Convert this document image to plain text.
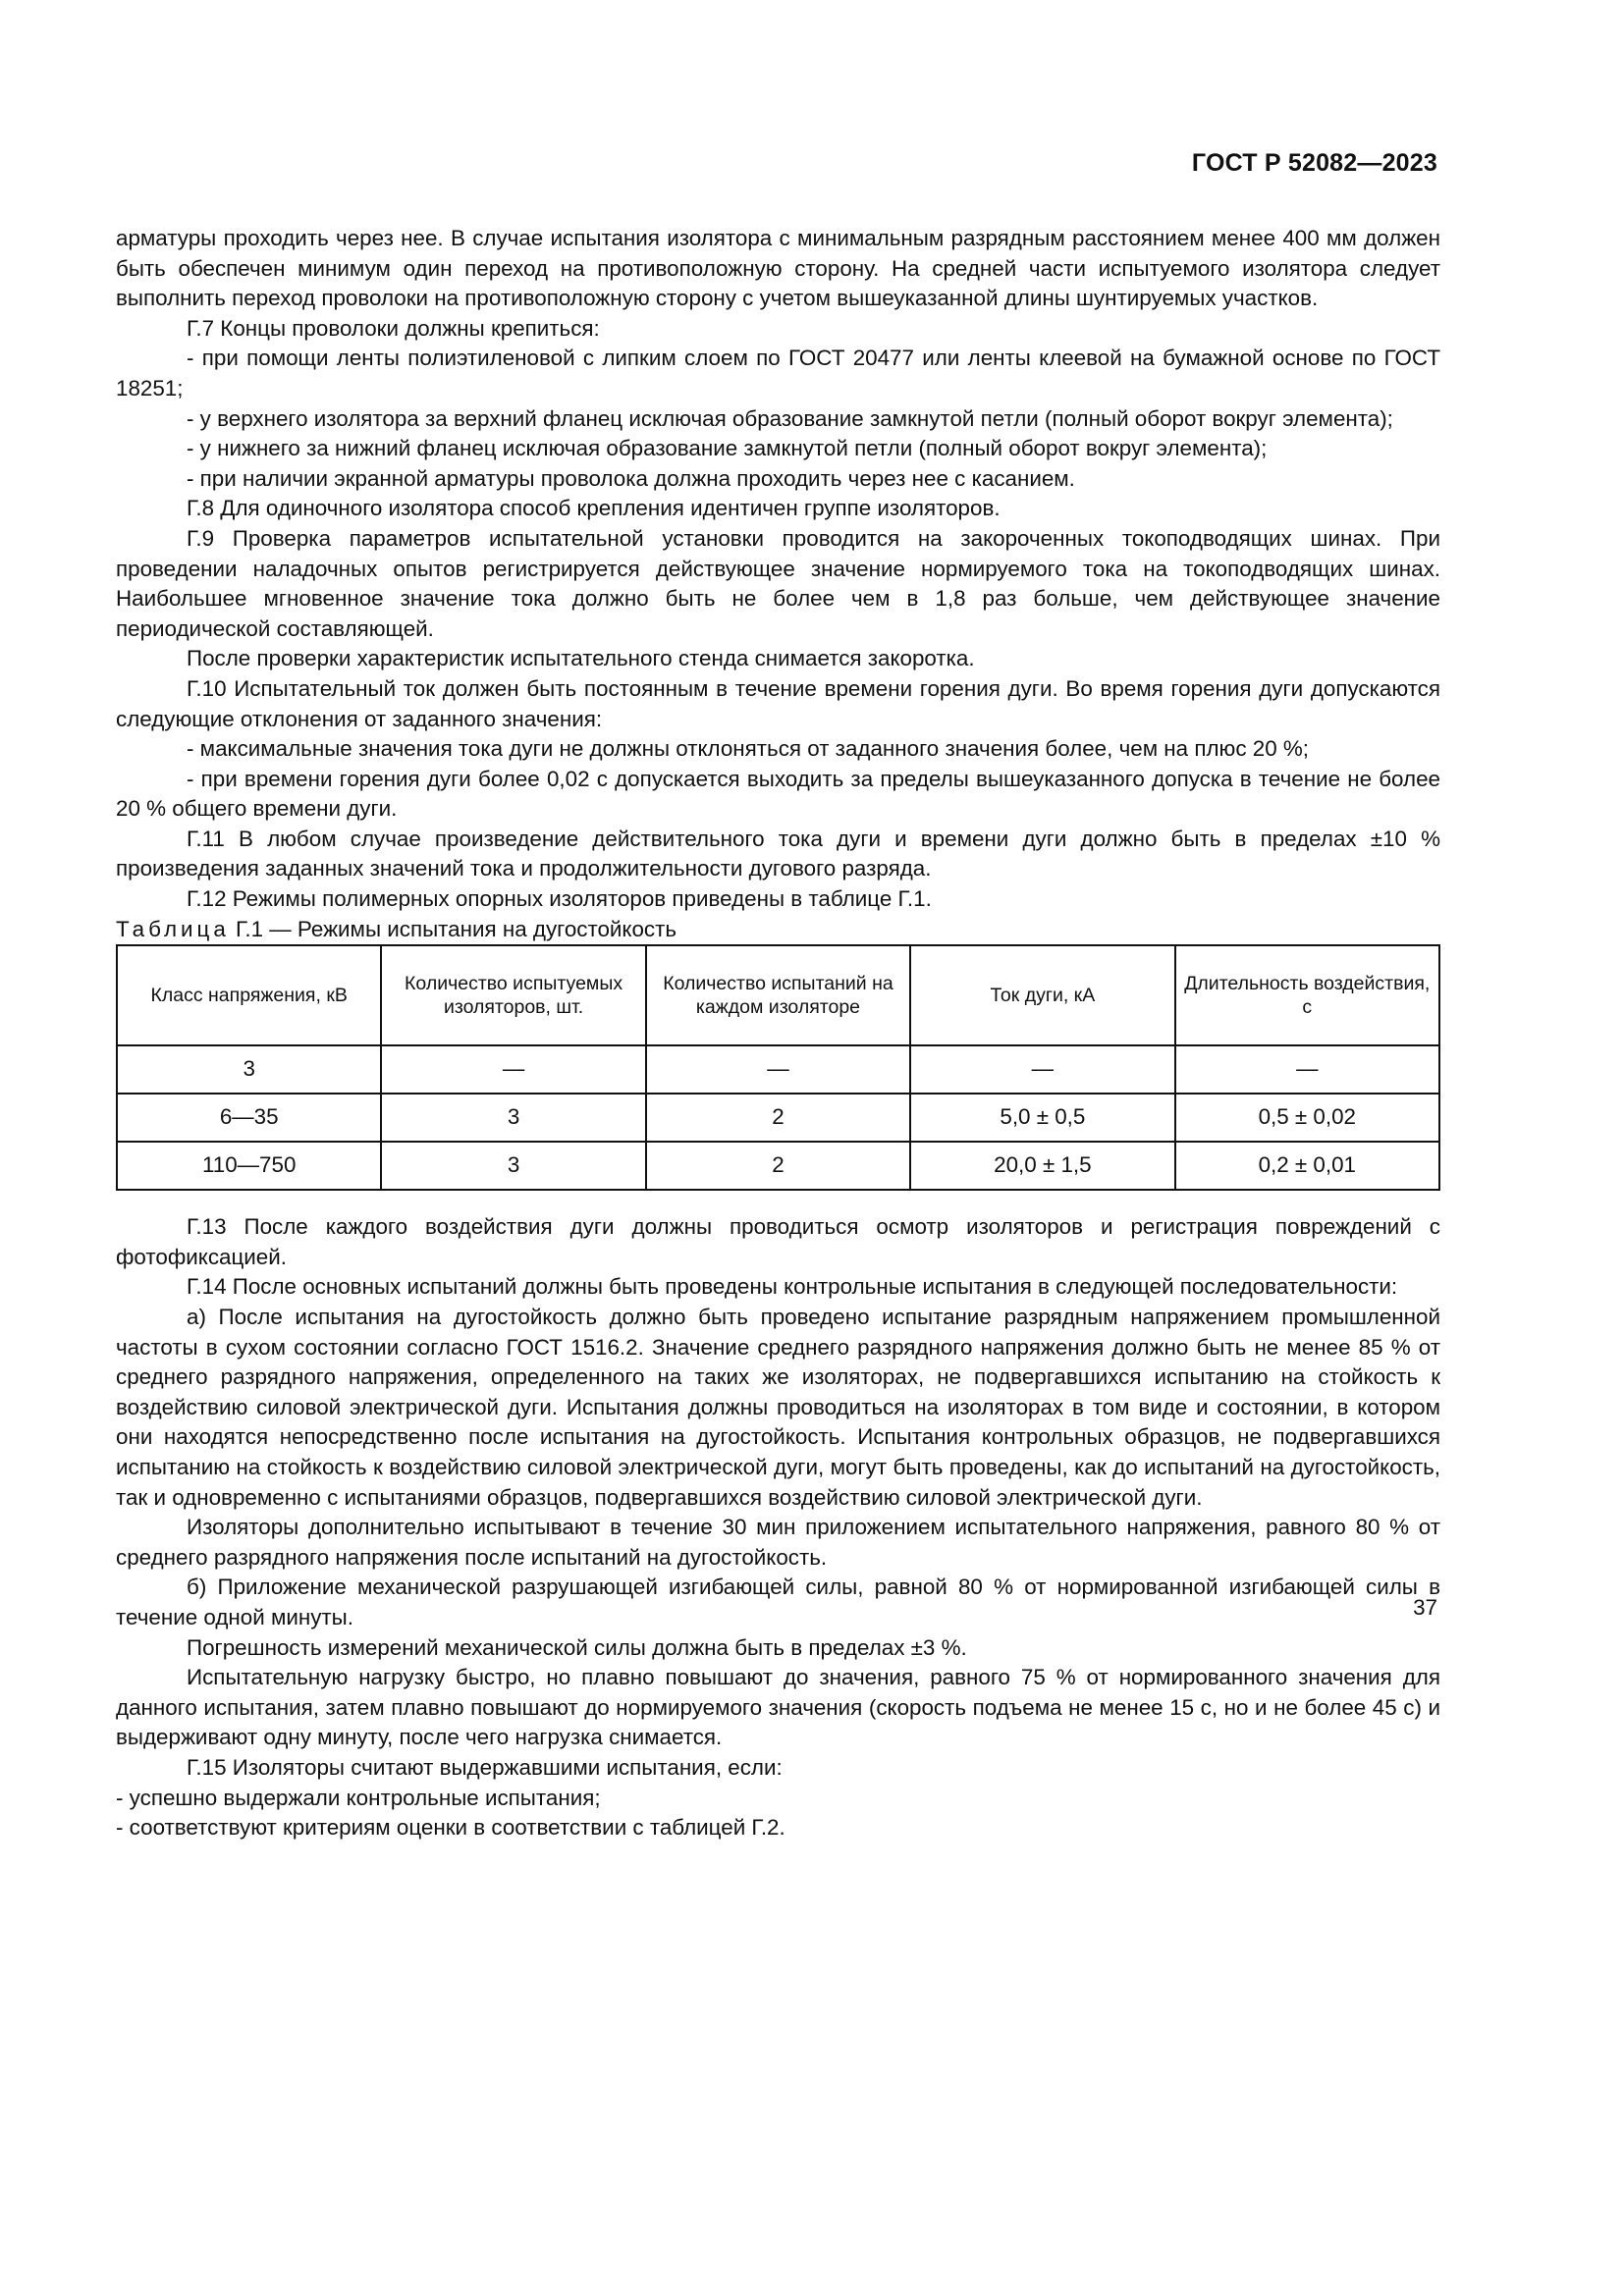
ГОСТ Р 52082—2023

арматуры проходить через нее. В случае испытания изолятора с минимальным разрядным расстоянием менее 400 мм должен быть обеспечен минимум один переход на противоположную сторону. На средней части испытуемого изолятора следует выполнить переход проволоки на противоположную сторону с учетом вышеуказанной длины шунтируемых участков.

Г.7 Концы проволоки должны крепиться:

- при помощи ленты полиэтиленовой с липким слоем по ГОСТ 20477 или ленты клеевой на бумажной основе по ГОСТ 18251;

- у верхнего изолятора за верхний фланец исключая образование замкнутой петли (полный оборот вокруг элемента);

- у нижнего за нижний фланец исключая образование замкнутой петли (полный оборот вокруг элемента);

- при наличии экранной арматуры проволока должна проходить через нее с касанием.

Г.8 Для одиночного изолятора способ крепления идентичен группе изоляторов.

Г.9 Проверка параметров испытательной установки проводится на закороченных токоподводящих шинах. При проведении наладочных опытов регистрируется действующее значение нормируемого тока на токоподводящих шинах. Наибольшее мгновенное значение тока должно быть не более чем в 1,8 раз больше, чем действующее значение периодической составляющей.

После проверки характеристик испытательного стенда снимается закоротка.

Г.10 Испытательный ток должен быть постоянным в течение времени горения дуги. Во время горения дуги допускаются следующие отклонения от заданного значения:

- максимальные значения тока дуги не должны отклоняться от заданного значения более, чем на плюс 20 %;

- при времени горения дуги более 0,02 с допускается выходить за пределы вышеуказанного допуска в течение не более 20 % общего времени дуги.

Г.11 В любом случае произведение действительного тока дуги и времени дуги должно быть в пределах ±10 % произведения заданных значений тока и продолжительности дугового разряда.

Г.12 Режимы полимерных опорных изоляторов приведены в таблице Г.1.

Таблица Г.1 — Режимы испытания на дугостойкость

Класс напряжения, кВ	Количество испытуемых изоляторов, шт.	Количество испытаний на каждом изоляторе	Ток дуги, кА	Длительность воздействия, с
3	—	—	—	—
6—35	3	2	5,0 ± 0,5	0,5 ± 0,02
110—750	3	2	20,0 ± 1,5	0,2 ± 0,01

Г.13 После каждого воздействия дуги должны проводиться осмотр изоляторов и регистрация повреждений с фотофиксацией.

Г.14 После основных испытаний должны быть проведены контрольные испытания в следующей последовательности:

а) После испытания на дугостойкость должно быть проведено испытание разрядным напряжением промышленной частоты в сухом состоянии согласно ГОСТ 1516.2. Значение среднего разрядного напряжения должно быть не менее 85 % от среднего разрядного напряжения, определенного на таких же изоляторах, не подвергавшихся испытанию на стойкость к воздействию силовой электрической дуги. Испытания должны проводиться на изоляторах в том виде и состоянии, в котором они находятся непосредственно после испытания на дугостойкость. Испытания контрольных образцов, не подвергавшихся испытанию на стойкость к воздействию силовой электрической дуги, могут быть проведены, как до испытаний на дугостойкость, так и одновременно с испытаниями образцов, подвергавшихся воздействию силовой электрической дуги.

Изоляторы дополнительно испытывают в течение 30 мин приложением испытательного напряжения, равного 80 % от среднего разрядного напряжения после испытаний на дугостойкость.

б) Приложение механической разрушающей изгибающей силы, равной 80 % от нормированной изгибающей силы в течение одной минуты.

Погрешность измерений механической силы должна быть в пределах ±3 %.

Испытательную нагрузку быстро, но плавно повышают до значения, равного 75 % от нормированного значения для данного испытания, затем плавно повышают до нормируемого значения (скорость подъема не менее 15 с, но и не более 45 с) и выдерживают одну минуту, после чего нагрузка снимается.

Г.15 Изоляторы считают выдержавшими испытания, если:

- успешно выдержали контрольные испытания;

- соответствуют критериям оценки в соответствии с таблицей Г.2.

37
